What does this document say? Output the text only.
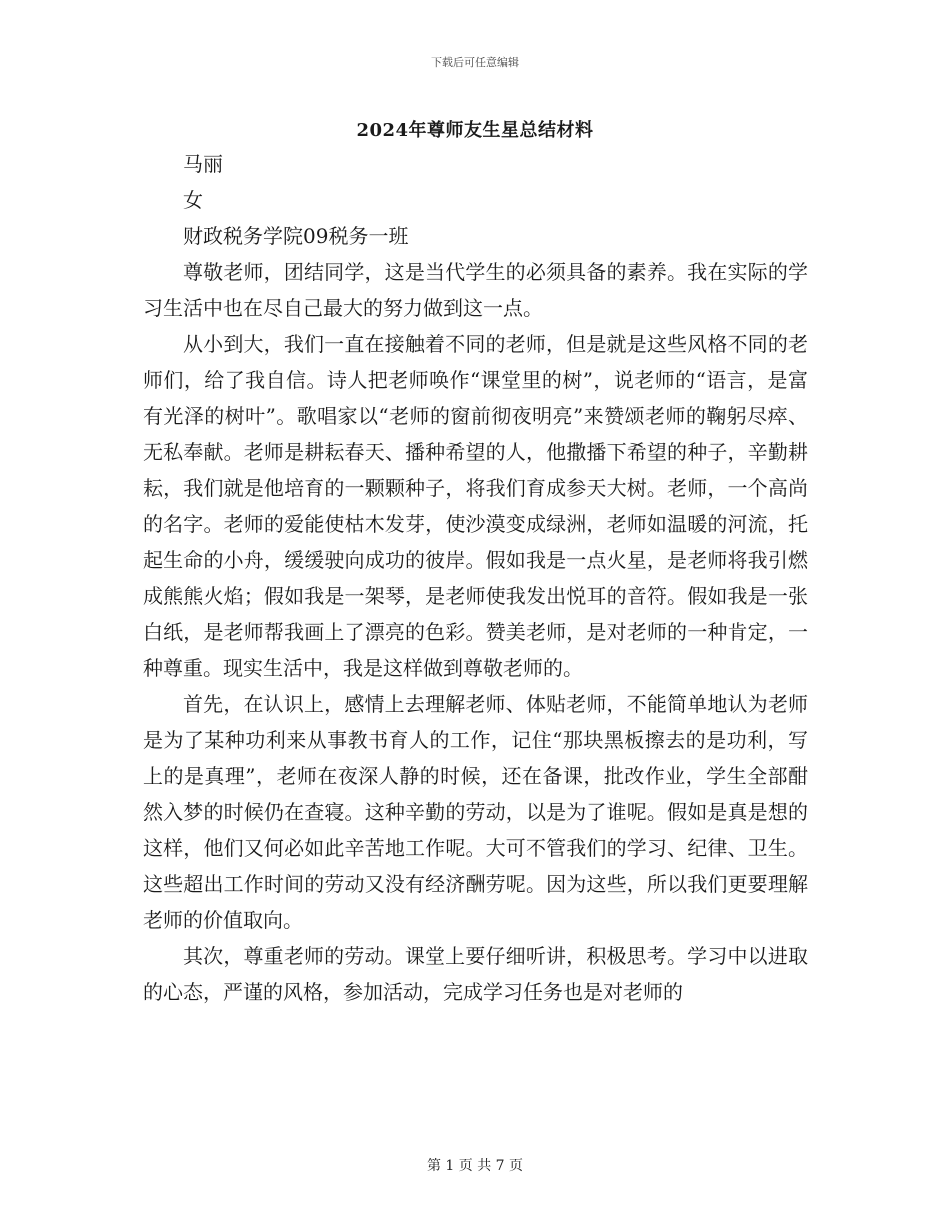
下载后可任意编辑
2024年尊师友生星总结材料

马丽

女

财政税务学院09税务一班

尊敬老师，团结同学，这是当代学生的必须具备的素养。我在实际的学习生活中也在尽自己最大的努力做到这一点。

从小到大，我们一直在接触着不同的老师，但是就是这些风格不同的老师们，给了我自信。诗人把老师唤作“课堂里的树”，说老师的“语言，是富有光泽的树叶”。歌唱家以“老师的窗前彻夜明亮”来赞颂老师的鞠躬尽瘁、无私奉献。老师是耕耘春天、播种希望的人，他撒播下希望的种子，辛勤耕耘，我们就是他培育的一颗颗种子，将我们育成参天大树。老师，一个高尚的名字。老师的爱能使枯木发芽，使沙漠变成绿洲，老师如温暖的河流，托起生命的小舟，缓缓驶向成功的彼岸。假如我是一点火星，是老师将我引燃成熊熊火焰；假如我是一架琴，是老师使我发出悦耳的音符。假如我是一张白纸，是老师帮我画上了漂亮的色彩。赞美老师，是对老师的一种肯定，一种尊重。现实生活中，我是这样做到尊敬老师的。

首先，在认识上，感情上去理解老师、体贴老师，不能简单地认为老师是为了某种功利来从事教书育人的工作，记住“那块黑板擦去的是功利，写上的是真理”，老师在夜深人静的时候，还在备课，批改作业，学生全部酣然入梦的时候仍在查寝。这种辛勤的劳动，以是为了谁呢。假如是真是想的这样，他们又何必如此辛苦地工作呢。大可不管我们的学习、纪律、卫生。这些超出工作时间的劳动又没有经济酬劳呢。因为这些，所以我们更要理解老师的价值取向。

其次，尊重老师的劳动。课堂上要仔细听讲，积极思考。学习中以进取的心态，严谨的风格，参加活动，完成学习任务也是对老师的

第 1 页 共 7 页
